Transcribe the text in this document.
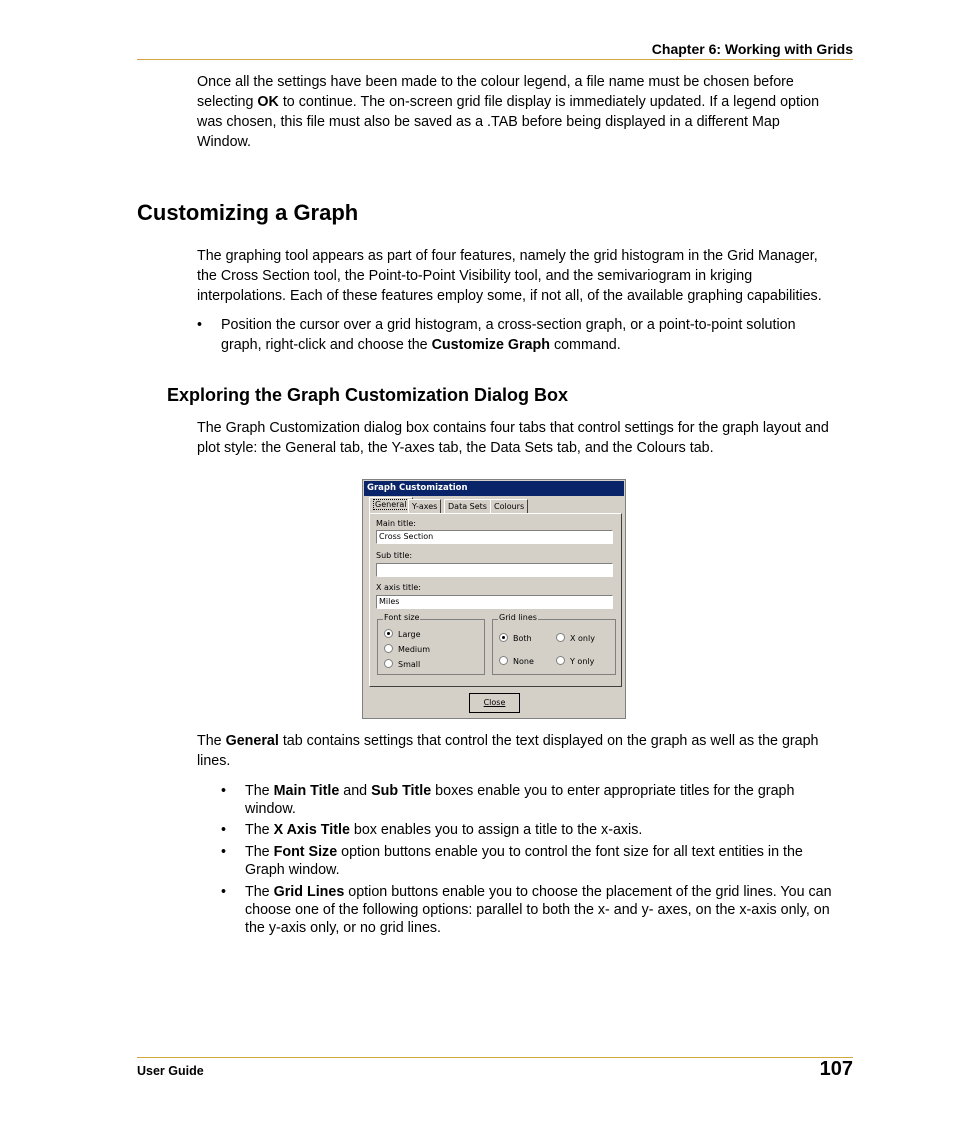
Chapter 6: Working with Grids
Once all the settings have been made to the colour legend, a file name must be chosen before
selecting OK to continue. The on-screen grid file display is immediately updated. If a legend option
was chosen, this file must also be saved as a .TAB before being displayed in a different Map
Window.
Customizing a Graph
The graphing tool appears as part of four features, namely the grid histogram in the Grid Manager,
the Cross Section tool, the Point-to-Point Visibility tool, and the semivariogram in kriging
interpolations. Each of these features employ some, if not all, of the available graphing capabilities.
• Position the cursor over a grid histogram, a cross-section graph, or a point-to-point solution
graph, right-click and choose the Customize Graph command.
Exploring the Graph Customization Dialog Box
The Graph Customization dialog box contains four tabs that control settings for the graph layout and
plot style: the General tab, the Y-axes tab, the Data Sets tab, and the Colours tab.
Graph Customization
General Y-axes	Data Sets Colours
Main title:
Cross Section
Sub title:
X axis title:
Miles
Font size
Large
Medium
Small
Grid lines
Both	X only
None	Y only
Close
The General tab contains settings that control the text displayed on the graph as well as the graph
lines.
• The Main Title and Sub Title boxes enable you to enter appropriate titles for the graph
window.
• The X Axis Title box enables you to assign a title to the x-axis.
• The Font Size option buttons enable you to control the font size for all text entities in the
Graph window.
• The Grid Lines option buttons enable you to choose the placement of the grid lines. You can
choose one of the following options: parallel to both the x- and y- axes, on the x-axis only, on
the y-axis only, or no grid lines.
User Guide	107
